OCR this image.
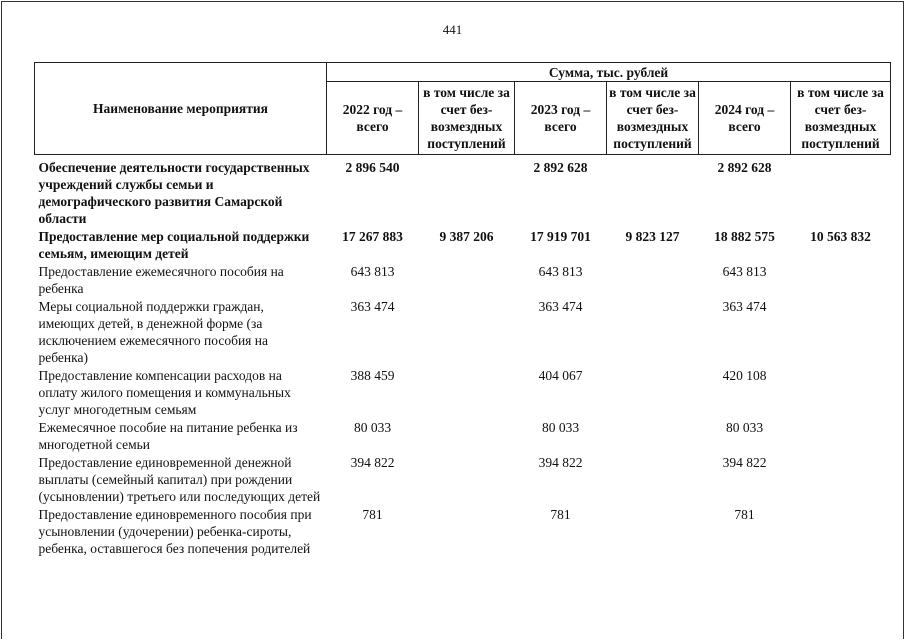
441
Наименование мероприятия	Сумма, тыс. рублей					
	2022 год – всего	в том числе за счет без- возмездных поступлений	2023 год – всего	в том числе за счет без- возмездных поступлений	2024 год – всего	в том числе за счет без- возмездных поступлений
Обеспечение деятельности государственных учреждений службы семьи и демографического развития Самарской области	2 896 540		2 892 628		2 892 628	
Предоставление мер социальной поддержки семьям, имеющим детей	17 267 883	9 387 206	17 919 701	9 823 127	18 882 575	10 563 832
Предоставление ежемесячного пособия на ребенка	643 813		643 813		643 813	
Меры социальной поддержки граждан, имеющих детей, в денежной форме (за исключением ежемесячного пособия на ребенка)	363 474		363 474		363 474	
Предоставление компенсации расходов на оплату жилого помещения и коммунальных услуг многодетным семьям	388 459		404 067		420 108	
Ежемесячное пособие на питание ребенка из многодетной семьи	80 033		80 033		80 033	
Предоставление единовременной денежной выплаты (семейный капитал) при рождении (усыновлении) третьего или последующих детей	394 822		394 822		394 822	
Предоставление единовременного пособия при усыновлении (удочерении) ребенка-сироты, ребенка, оставшегося без попечения родителей	781		781		781	
